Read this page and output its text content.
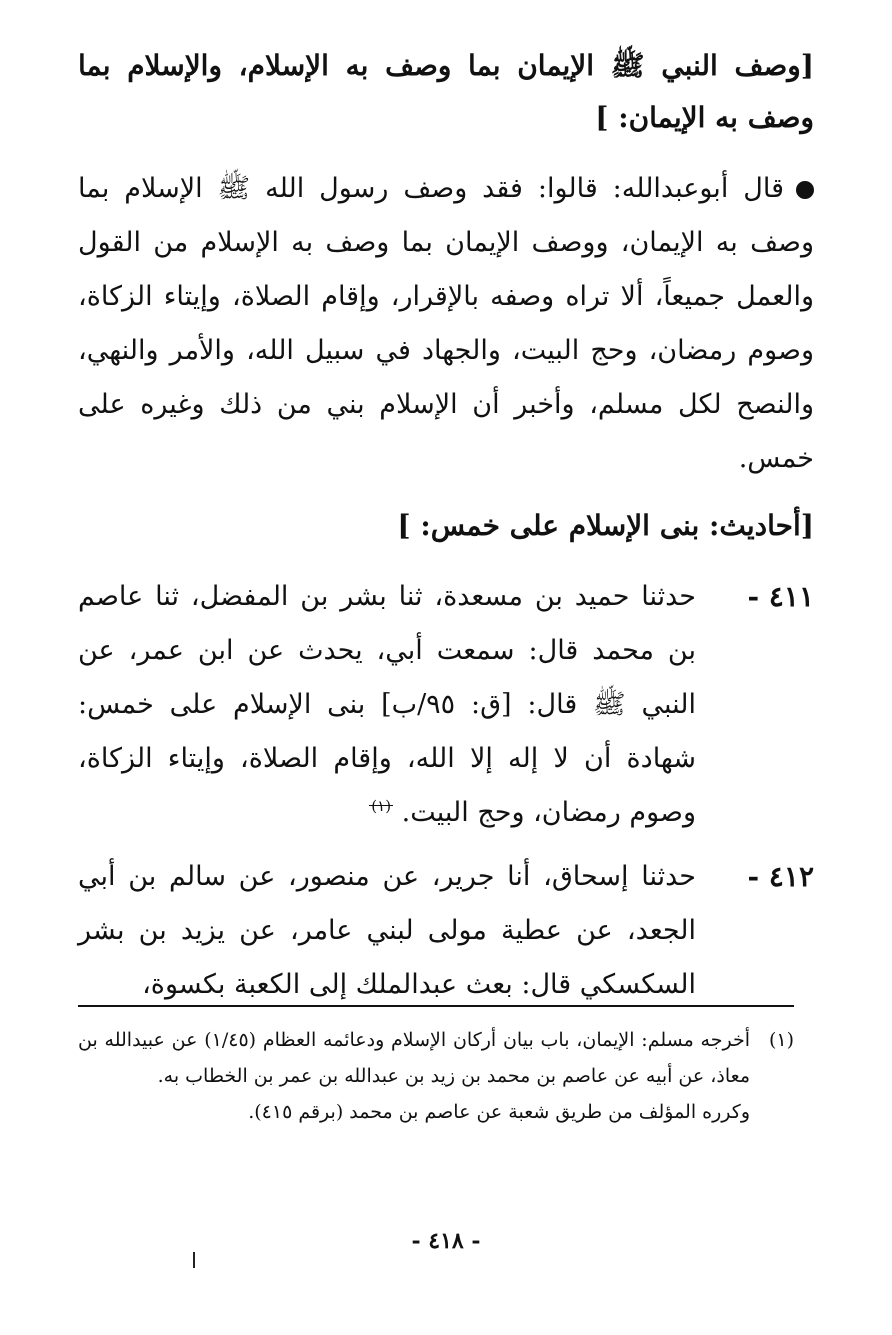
[وصف النبي ﷺ الإيمان بما وصف به الإسلام، والإسلام بما وصف به الإيمان: ]

قال أبوعبدالله: قالوا: فقد وصف رسول الله ﷺ الإسلام بما وصف به الإيمان، ووصف الإيمان بما وصف به الإسلام من القول والعمل جميعاً، ألا تراه وصفه بالإقرار، وإقام الصلاة، وإيتاء الزكاة، وصوم رمضان، وحج البيت، والجهاد في سبيل الله، والأمر والنهي، والنصح لكل مسلم، وأخبر أن الإسلام بني من ذلك وغيره على خمس.

[أحاديث: بنى الإسلام على خمس: ]
٤١١ -
حدثنا حميد بن مسعدة، ثنا بشر بن المفضل، ثنا عاصم بن محمد قال: سمعت أبي، يحدث عن ابن عمر، عن النبي ﷺ قال: [ق: ٩٥/ب] بنى الإسلام على خمس: شهادة أن لا إله إلا الله، وإقام الصلاة، وإيتاء الزكاة، وصوم رمضان، وحج البيت. (١)
٤١٢ -
حدثنا إسحاق، أنا جرير، عن منصور، عن سالم بن أبي الجعد، عن عطية مولى لبني عامر، عن يزيد بن بشر السكسكي قال: بعث عبدالملك إلى الكعبة بكسوة،
(١)
أخرجه مسلم: الإيمان، باب بيان أركان الإسلام ودعائمه العظام (١/٤٥) عن عبيدالله بن معاذ، عن أبيه عن عاصم بن محمد بن زيد بن عبدالله بن عمر بن الخطاب به.
وكرره المؤلف من طريق شعبة عن عاصم بن محمد (برقم ٤١٥).
- ٤١٨ -
